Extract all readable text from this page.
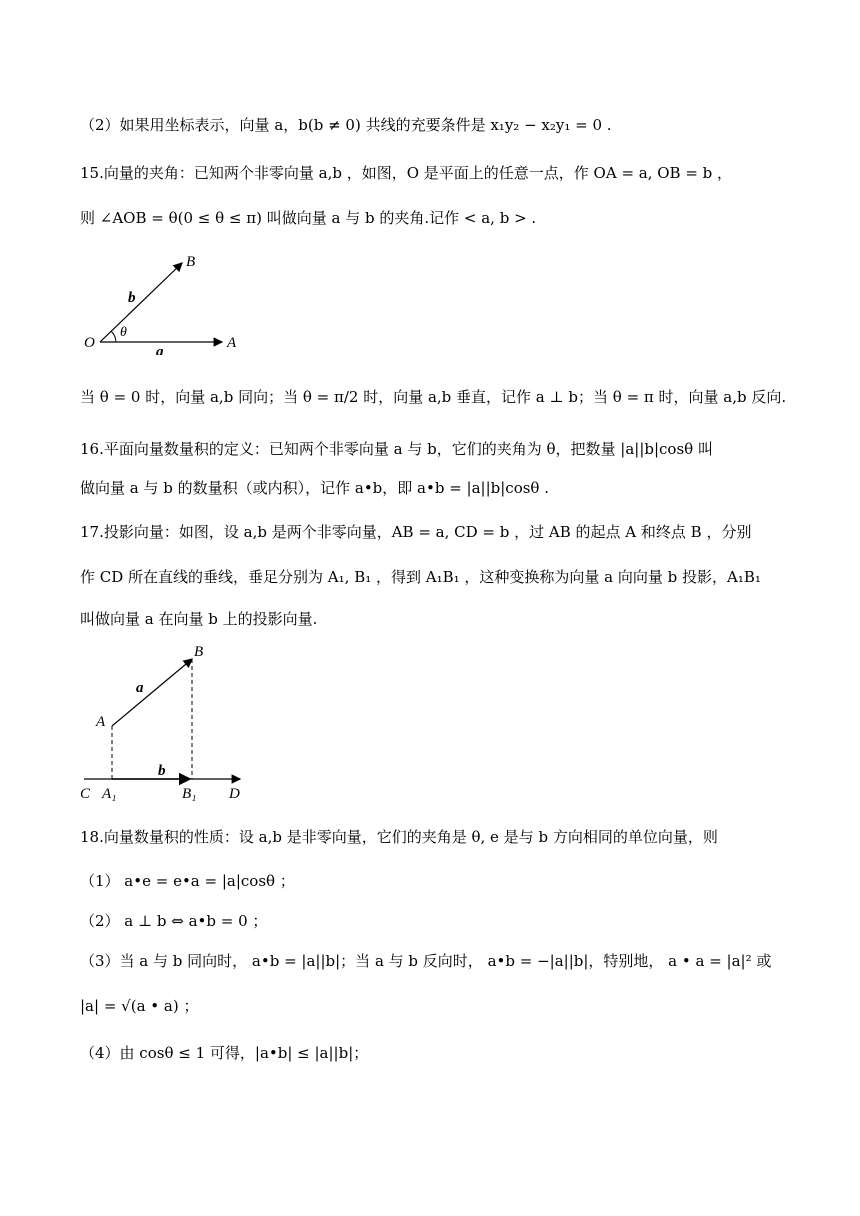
（2）如果用坐标表示，向量 a，b(b ≠ 0) 共线的充要条件是 x₁y₂ − x₂y₁ = 0 .
15.向量的夹角：已知两个非零向量 a,b ，如图，O 是平面上的任意一点，作 OA = a, OB = b ，
则 ∠AOB = θ(0 ≤ θ ≤ π) 叫做向量 a 与 b 的夹角.记作 < a, b > .
O	A
B
a
b
θ
当 θ = 0 时，向量 a,b 同向；当 θ = π/2 时，向量 a,b 垂直，记作 a ⊥ b；当 θ = π 时，向量 a,b 反向.
16.平面向量数量积的定义：已知两个非零向量 a 与 b，它们的夹角为 θ，把数量 |a||b|cosθ 叫
做向量 a 与 b 的数量积（或内积），记作 a•b，即 a•b = |a||b|cosθ .
17.投影向量：如图，设 a,b 是两个非零向量，AB = a, CD = b ，过 AB 的起点 A 和终点 B ，分别
作 CD 所在直线的垂线，垂足分别为 A₁, B₁ ，得到 A₁B₁ ，这种变换称为向量 a 向向量 b 投影，A₁B₁
叫做向量 a 在向量 b 上的投影向量.
A
B
a
b
C A₁	B₁ D
18.向量数量积的性质：设 a,b 是非零向量，它们的夹角是 θ, e 是与 b 方向相同的单位向量，则
（1） a•e = e•a = |a|cosθ ；
（2） a ⊥ b ⇔ a•b = 0 ；
（3）当 a 与 b 同向时， a•b = |a||b|；当 a 与 b 反向时， a•b = −|a||b|，特别地， a • a = |a|² 或
|a| = √(a • a) ；
（4）由 cosθ ≤ 1 可得，|a•b| ≤ |a||b|；
